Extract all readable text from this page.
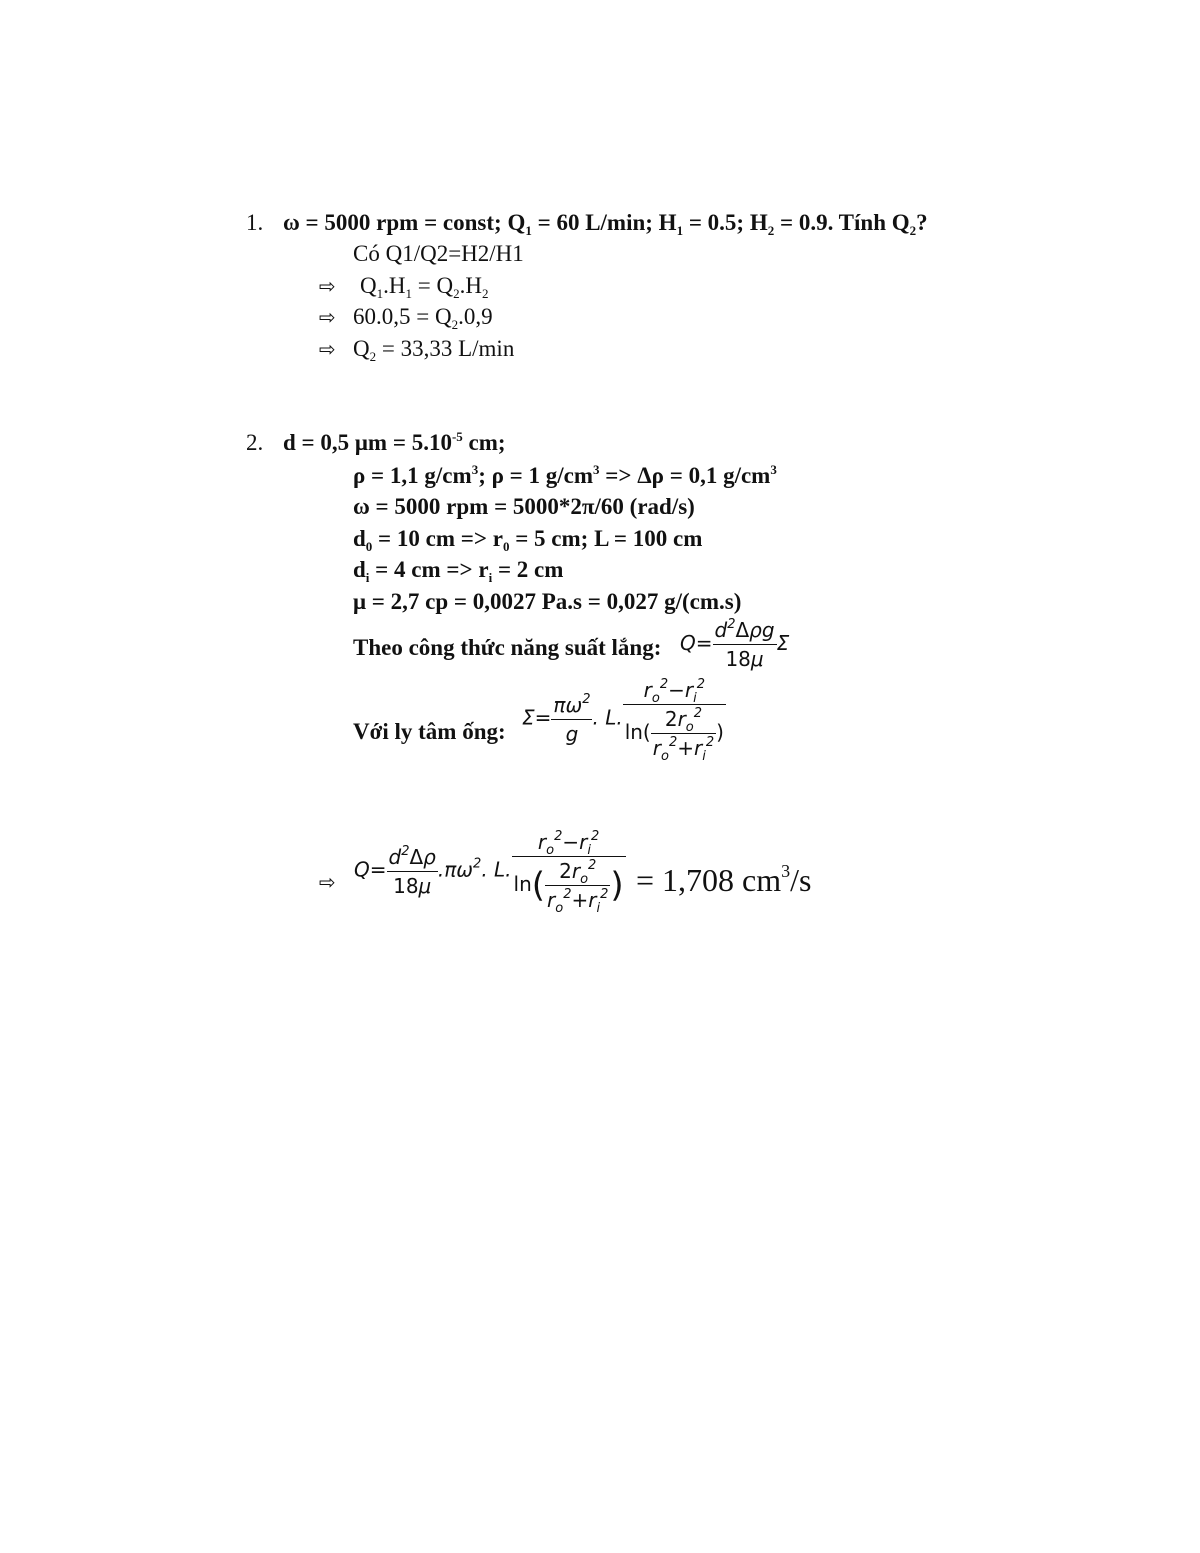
1. ω = 5000 rpm = const; $Q_1 = 60$ L/min; $H_1 = 0.5$; $H_2 = 0.9$. Tính $Q_2$?
Có Q1/Q2=H2/H1
⇨ $Q_1.H_1 = Q_2.H_2$
⇨ $60.0,5 = Q_2.0,9$
⇨ $Q_2 = 33,33$ L/min
2. d = 0,5 $\mu m = 5.10^{-5}$ cm;
ρ = 1,1 $g/cm^3$; ρ = 1 $g/cm^3 => \Delta\rho = 0,1$ $g/cm^3$
ω = 5000 rpm = 5000*2π/60 (rad/s)
$d_0 = 10$ cm => $r_0 = 5$ cm; L = 100 cm
$d_i = 4$ cm => $r_i = 2$ cm
μ = 2,7 cp = 0,0027 Pa.s = 0,027 g/(cm.s)
Theo công thức năng suất lắng: $Q= \frac{d^2\Delta\rho g}{18\mu}$ Σ
Với ly tâm ống:
$\Sigma= \frac{\pi\omega^2}{g}$ . L. $\frac{r_o^2-r_i^2}{\ln( \frac{2r_o^2}{r_o^2+r_i^2} )}$
⇨
$Q= \frac{d^2\Delta\rho}{18\mu} .\pi\omega^2$. L. $\frac{r_o^2-r_i^2}{\ln( \frac{2r_o^2}{r_o^2+r_i^2} )} = 1,708$ $cm^3/s$
